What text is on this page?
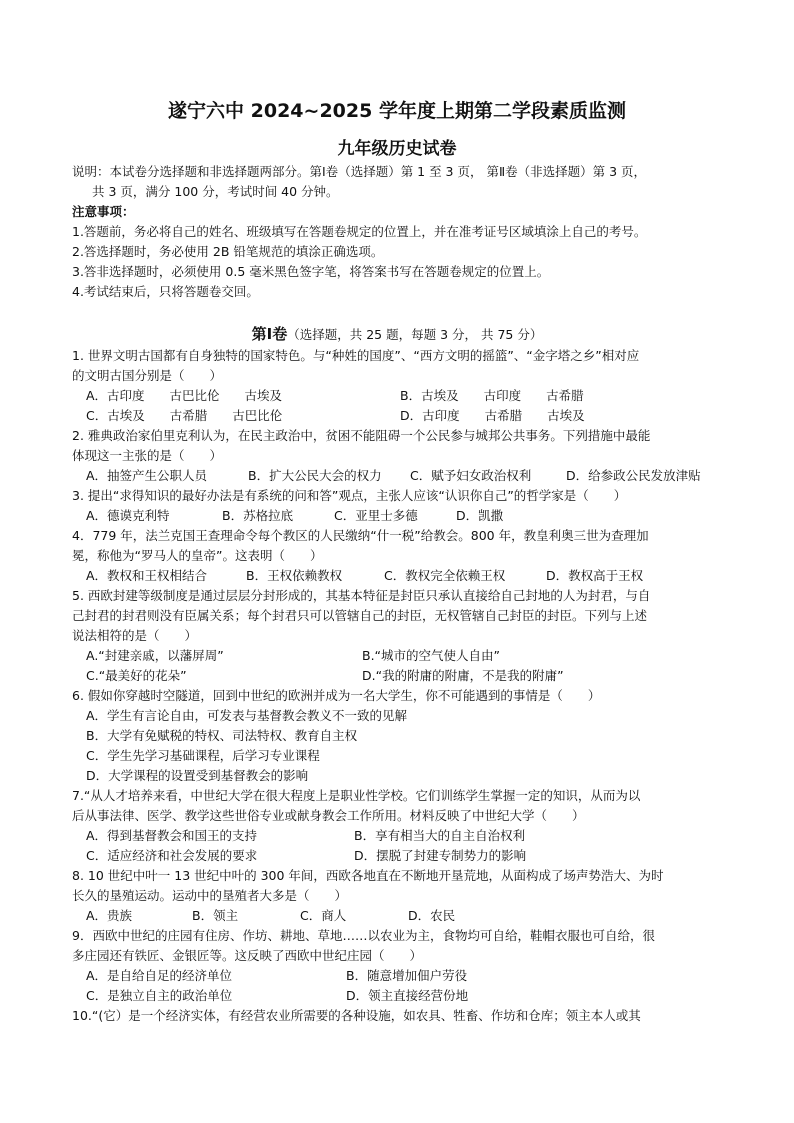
遂宁六中 2024~2025 学年度上期第二学段素质监测
九年级历史试卷
说明：本试卷分选择题和非选择题两部分。第Ⅰ卷（选择题）第 1 至 3 页， 第Ⅱ卷（非选择题）第 3 页，
共 3 页，满分 100 分，考试时间 40 分钟。
注意事项：
1.答题前，务必将自己的姓名、班级填写在答题卷规定的位置上，并在准考证号区域填涂上自己的考号。
2.答选择题时，务必使用 2B 铅笔规范的填涂正确选项。
3.答非选择题时，必须使用 0.5 毫米黑色签字笔，将答案书写在答题卷规定的位置上。
4.考试结束后，只将答题卷交回。
第Ⅰ卷（选择题，共 25 题，每题 3 分， 共 75 分）
1. 世界文明古国都有自身独特的国家特色。与“种姓的国度”、“西方文明的摇篮”、“金字塔之乡”相对应
的文明古国分别是（　　）
A．古印度　　古巴比伦　　古埃及	B．古埃及　　古印度　　古希腊
C．古埃及　　古希腊　　古巴比伦	D．古印度　　古希腊　　古埃及
2. 雅典政治家伯里克利认为，在民主政治中，贫困不能阻碍一个公民参与城邦公共事务。下列措施中最能
体现这一主张的是（　　）
A．抽签产生公职人员	B．扩大公民大会的权力 C．赋予妇女政治权利	D．给参政公民发放津贴
3. 提出“求得知识的最好办法是有系统的问和答”观点，主张人应该“认识你自己”的哲学家是（　　）
A．德谟克利特	B．苏格拉底	C．亚里士多德	D．凯撒
4．779 年，法兰克国王查理命令每个教区的人民缴纳“什一税”给教会。800 年，教皇利奥三世为查理加
冕，称他为“罗马人的皇帝”。这表明（　　）
A．教权和王权相结合	B．王权依赖教权	C．教权完全依赖王权	D．教权高于王权
5. 西欧封建等级制度是通过层层分封形成的，其基本特征是封臣只承认直接给自己封地的人为封君，与自
己封君的封君则没有臣属关系；每个封君只可以管辖自己的封臣，无权管辖自己封臣的封臣。下列与上述
说法相符的是（　　）
A.“封建亲戚，以藩屏周”	B.“城市的空气使人自由”
C.“最美好的花朵”	D.“我的附庸的附庸，不是我的附庸”
6. 假如你穿越时空隧道，回到中世纪的欧洲并成为一名大学生，你不可能遇到的事情是（　　）
A．学生有言论自由，可发表与基督教会教义不一致的见解
B．大学有免赋税的特权、司法特权、教育自主权
C．学生先学习基础课程，后学习专业课程
D．大学课程的设置受到基督教会的影响
7.“从人才培养来看，中世纪大学在很大程度上是职业性学校。它们训练学生掌握一定的知识，从而为以
后从事法律、医学、教学这些世俗专业或献身教会工作所用。材料反映了中世纪大学（　　）
A．得到基督教会和国王的支持	B．享有相当大的自主自治权利
C．适应经济和社会发展的要求	D．摆脱了封建专制势力的影响
8. 10 世纪中叶一 13 世纪中叶的 300 年间，西欧各地直在不断地开垦荒地，从面构成了场声势浩大、为时
长久的垦殖运动。运动中的垦殖者大多是（　　）
A．贵族	B．领主	C．商人	D．农民
9．西欧中世纪的庄园有住房、作坊、耕地、草地……以农业为主，食物均可自给，鞋帽衣服也可自给，很
多庄园还有铁匠、金银匠等。这反映了西欧中世纪庄园（　　）
A．是自给自足的经济单位	B．随意增加佃户劳役
C．是独立自主的政治单位	D．领主直接经营份地
10.“(它）是一个经济实体，有经营农业所需要的各种设施，如农具、牲畜、作坊和仓库；领主本人或其
